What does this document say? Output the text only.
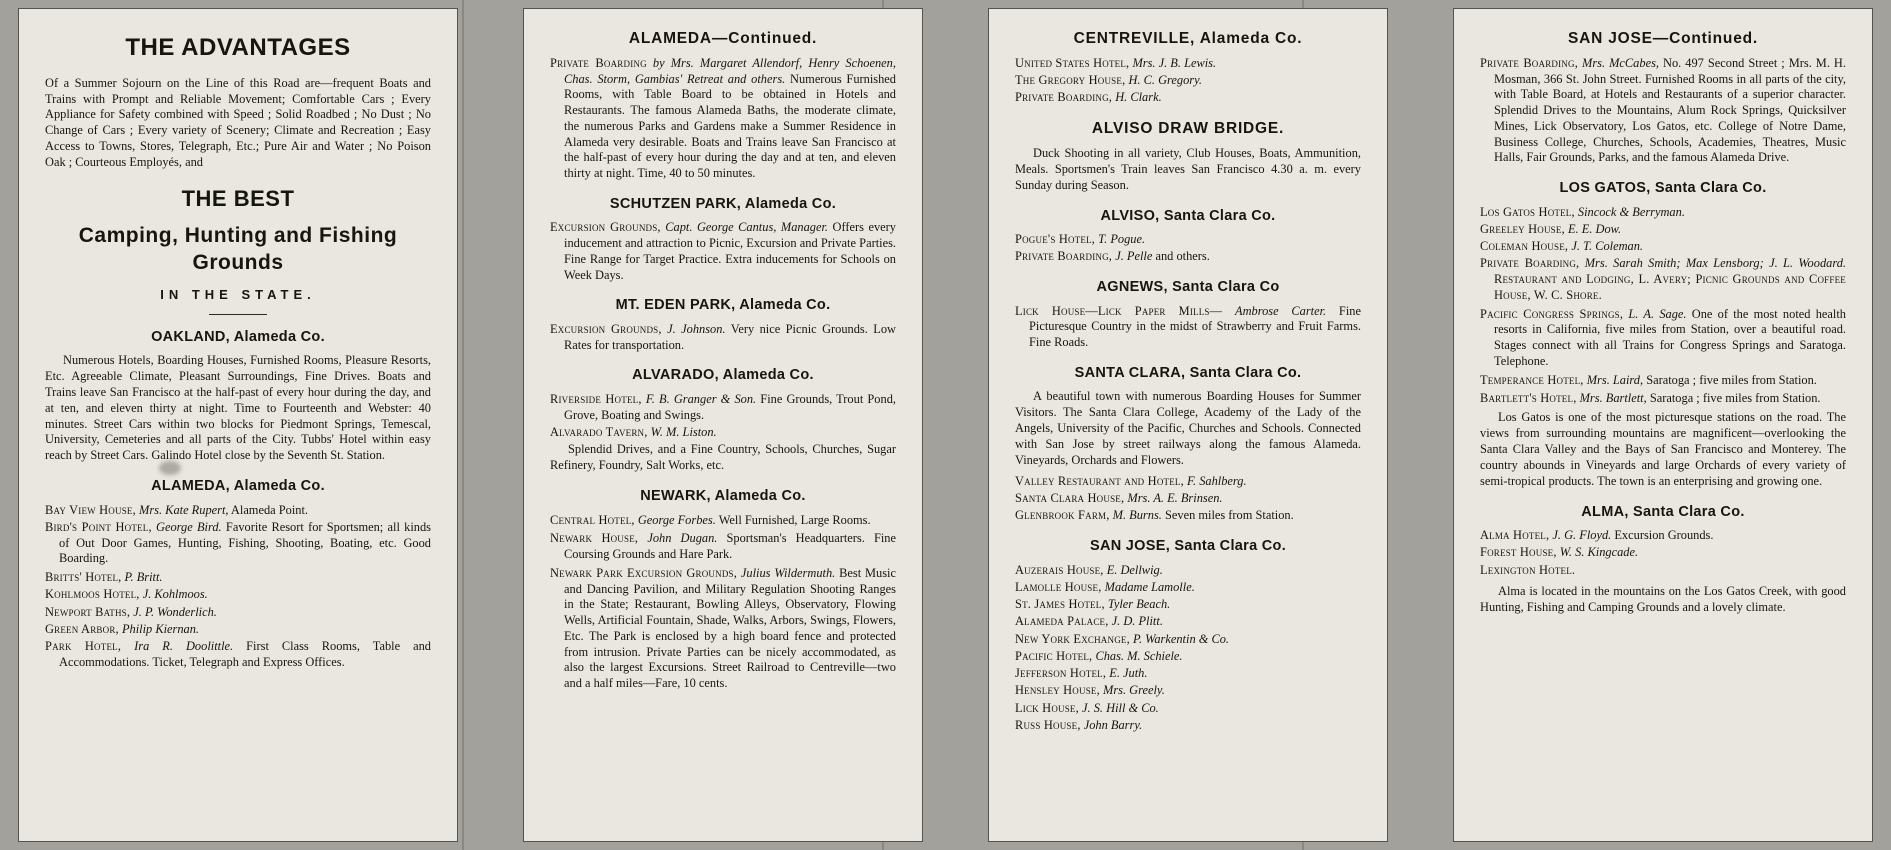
THE ADVANTAGES

Of a Summer Sojourn on the Line of this Road are—frequent Boats and Trains with Prompt and Reliable Movement; Comfortable Cars ; Every Appliance for Safety combined with Speed ; Solid Roadbed ; No Dust ; No Change of Cars ; Every variety of Scenery; Climate and Recreation ; Easy Access to Towns, Stores, Telegraph, Etc.; Pure Air and Water ; No Poison Oak ; Courteous Employés, and

THE BEST
Camping, Hunting and Fishing Grounds
IN THE STATE.
OAKLAND, Alameda Co.

Numerous Hotels, Boarding Houses, Furnished Rooms, Pleasure Resorts, Etc. Agreeable Climate, Pleasant Surroundings, Fine Drives. Boats and Trains leave San Francisco at the half-past of every hour during the day, and at ten, and eleven thirty at night. Time to Fourteenth and Webster: 40 minutes. Street Cars within two blocks for Piedmont Springs, Temescal, University, Cemeteries and all parts of the City. Tubbs' Hotel within easy reach by Street Cars. Galindo Hotel close by the Seventh St. Station.

ALAMEDA, Alameda Co.

Bay View House, Mrs. Kate Rupert, Alameda Point.

Bird's Point Hotel, George Bird. Favorite Resort for Sportsmen; all kinds of Out Door Games, Hunting, Fishing, Shooting, Boating, etc. Good Boarding.

Britts' Hotel, P. Britt.

Kohlmoos Hotel, J. Kohlmoos.

Newport Baths, J. P. Wonderlich.

Green Arbor, Philip Kiernan.

Park Hotel, Ira R. Doolittle. First Class Rooms, Table and Accommodations. Ticket, Telegraph and Express Offices.

ALAMEDA—Continued.

Private Boarding by Mrs. Margaret Allendorf, Henry Schoenen, Chas. Storm, Gambias' Retreat and others. Numerous Furnished Rooms, with Table Board to be obtained in Hotels and Restaurants. The famous Alameda Baths, the moderate climate, the numerous Parks and Gardens make a Summer Residence in Alameda very desirable. Boats and Trains leave San Francisco at the half-past of every hour during the day and at ten, and eleven thirty at night. Time, 40 to 50 minutes.

SCHUTZEN PARK, Alameda Co.

Excursion Grounds, Capt. George Cantus, Manager. Offers every inducement and attraction to Picnic, Excursion and Private Parties. Fine Range for Target Practice. Extra inducements for Schools on Week Days.

MT. EDEN PARK, Alameda Co.

Excursion Grounds, J. Johnson. Very nice Picnic Grounds. Low Rates for transportation.

ALVARADO, Alameda Co.

Riverside Hotel, F. B. Granger & Son. Fine Grounds, Trout Pond, Grove, Boating and Swings.

Alvarado Tavern, W. M. Liston.

Splendid Drives, and a Fine Country, Schools, Churches, Sugar Refinery, Foundry, Salt Works, etc.

NEWARK, Alameda Co.

Central Hotel, George Forbes. Well Furnished, Large Rooms.

Newark House, John Dugan. Sportsman's Headquarters. Fine Coursing Grounds and Hare Park.

Newark Park Excursion Grounds, Julius Wildermuth. Best Music and Dancing Pavilion, and Military Regulation Shooting Ranges in the State; Restaurant, Bowling Alleys, Observatory, Flowing Wells, Artificial Fountain, Shade, Walks, Arbors, Swings, Flowers, Etc. The Park is enclosed by a high board fence and protected from intrusion. Private Parties can be nicely accommodated, as also the largest Excursions. Street Railroad to Centreville—two and a half miles—Fare, 10 cents.

CENTREVILLE, Alameda Co.

United States Hotel, Mrs. J. B. Lewis.

The Gregory House, H. C. Gregory.

Private Boarding, H. Clark.

ALVISO DRAW BRIDGE.

Duck Shooting in all variety, Club Houses, Boats, Ammunition, Meals. Sportsmen's Train leaves San Francisco 4.30 a. m. every Sunday during Season.

ALVISO, Santa Clara Co.

Pogue's Hotel, T. Pogue.

Private Boarding, J. Pelle and others.

AGNEWS, Santa Clara Co

Lick House—Lick Paper Mills— Ambrose Carter. Fine Picturesque Country in the midst of Strawberry and Fruit Farms. Fine Roads.

SANTA CLARA, Santa Clara Co.

A beautiful town with numerous Boarding Houses for Summer Visitors. The Santa Clara College, Academy of the Lady of the Angels, University of the Pacific, Churches and Schools. Connected with San Jose by street railways along the famous Alameda. Vineyards, Orchards and Flowers.

Valley Restaurant and Hotel, F. Sahlberg.

Santa Clara House, Mrs. A. E. Brinsen.

Glenbrook Farm, M. Burns. Seven miles from Station.

SAN JOSE, Santa Clara Co.

Auzerais House, E. Dellwig.

Lamolle House, Madame Lamolle.

St. James Hotel, Tyler Beach.

Alameda Palace, J. D. Plitt.

New York Exchange, P. Warkentin & Co.

Pacific Hotel, Chas. M. Schiele.

Jefferson Hotel, E. Juth.

Hensley House, Mrs. Greely.

Lick House, J. S. Hill & Co.

Russ House, John Barry.

SAN JOSE—Continued.

Private Boarding, Mrs. McCabes, No. 497 Second Street ; Mrs. M. H. Mosman, 366 St. John Street. Furnished Rooms in all parts of the city, with Table Board, at Hotels and Restaurants of a superior character. Splendid Drives to the Mountains, Alum Rock Springs, Quicksilver Mines, Lick Observatory, Los Gatos, etc. College of Notre Dame, Business College, Churches, Schools, Academies, Theatres, Music Halls, Fair Grounds, Parks, and the famous Alameda Drive.

LOS GATOS, Santa Clara Co.

Los Gatos Hotel, Sincock & Berryman.

Greeley House, E. E. Dow.

Coleman House, J. T. Coleman.

Private Boarding, Mrs. Sarah Smith; Max Lensborg; J. L. Woodard. Restaurant and Lodging, L. Avery; Picnic Grounds and Coffee House, W. C. Shore.

Pacific Congress Springs, L. A. Sage. One of the most noted health resorts in California, five miles from Station, over a beautiful road. Stages connect with all Trains for Congress Springs and Saratoga. Telephone.

Temperance Hotel, Mrs. Laird, Saratoga ; five miles from Station.

Bartlett's Hotel, Mrs. Bartlett, Saratoga ; five miles from Station.

Los Gatos is one of the most picturesque stations on the road. The views from surrounding mountains are magnificent—overlooking the Santa Clara Valley and the Bays of San Francisco and Monterey. The country abounds in Vineyards and large Orchards of every variety of semi-tropical products. The town is an enterprising and growing one.

ALMA, Santa Clara Co.

Alma Hotel, J. G. Floyd. Excursion Grounds.

Forest House, W. S. Kingcade.

Lexington Hotel.

Alma is located in the mountains on the Los Gatos Creek, with good Hunting, Fishing and Camping Grounds and a lovely climate.
